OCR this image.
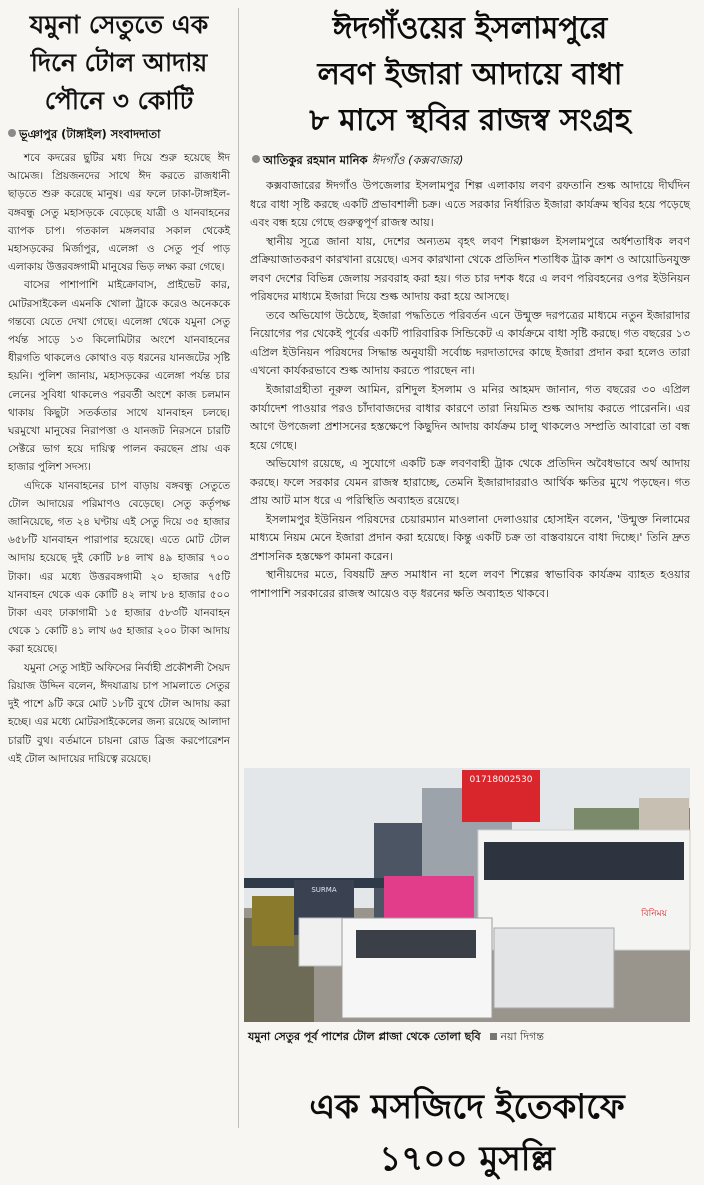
যমুনা সেতুতে এক
দিনে টোল আদায়
পৌনে ৩ কোটি
ভূঞাপুর (টাঙ্গাইল) সংবাদদাতা

শবে কদরের ছুটির মধ্য দিয়ে শুরু হয়েছে ঈদ আমেজ। প্রিয়জনদের সাথে ঈদ করতে রাজধানী ছাড়তে শুরু করেছে মানুষ। এর ফলে ঢাকা-টাঙ্গাইল-বঙ্গবন্ধু সেতু মহাসড়কে বেড়েছে যাত্রী ও যানবাহনের ব্যাপক চাপ। গতকাল মঙ্গলবার সকাল থেকেই মহাসড়কের মির্জাপুর, এলেঙ্গা ও সেতু পূর্ব পাড় এলাকায় উত্তরবঙ্গগামী মানুষের ভিড় লক্ষ্য করা গেছে।

বাসের পাশাপাশি মাইক্রোবাস, প্রাইভেট কার, মোটরসাইকেল এমনকি খোলা ট্রাকে করেও অনেককে গন্তব্যে যেতে দেখা গেছে। এলেঙ্গা থেকে যমুনা সেতু পর্যন্ত সাড়ে ১৩ কিলোমিটার অংশে যানবাহনের ধীরগতি থাকলেও কোথাও বড় ধরনের যানজটের সৃষ্টি হয়নি। পুলিশ জানায়, মহাসড়কের এলেঙ্গা পর্যন্ত চার লেনের সুবিধা থাকলেও পরবর্তী অংশে কাজ চলমান থাকায় কিছুটা সতর্কতার সাথে যানবাহন চলছে। ঘরমুখো মানুষের নিরাপত্তা ও যানজট নিরসনে চারটি সেক্টরে ভাগ হয়ে দায়িত্ব পালন করছেন প্রায় এক হাজার পুলিশ সদস্য।

এদিকে যানবাহনের চাপ বাড়ায় বঙ্গবন্ধু সেতুতে টোল আদায়ের পরিমাণও বেড়েছে। সেতু কর্তৃপক্ষ জানিয়েছে, গত ২৪ ঘণ্টায় এই সেতু দিয়ে ৩৫ হাজার ৬৫৮টি যানবাহন পারাপার হয়েছে। এতে মোট টোল আদায় হয়েছে দুই কোটি ৮৪ লাখ ৪৯ হাজার ৭০০ টাকা। এর মধ্যে উত্তরবঙ্গগামী ২০ হাজার ৭৫টি যানবাহন থেকে এক কোটি ৪২ লাখ ৮৪ হাজার ৫০০ টাকা এবং ঢাকাগামী ১৫ হাজার ৫৮৩টি যানবাহন থেকে ১ কোটি ৪১ লাখ ৬৫ হাজার ২০০ টাকা আদায় করা হয়েছে।

যমুনা সেতু সাইট অফিসের নির্বাহী প্রকৌশলী সৈয়দ রিয়াজ উদ্দিন বলেন, ঈদযাত্রায় চাপ সামলাতে সেতুর দুই পাশে ৯টি করে মোট ১৮টি বুথে টোল আদায় করা হচ্ছে। এর মধ্যে মোটরসাইকেলের জন্য রয়েছে আলাদা চারটি বুথ। বর্তমানে চায়না রোড ব্রিজ করপোরেশন এই টোল আদায়ের দায়িত্বে রয়েছে।

ঈদগাঁওয়ের ইসলামপুরে
লবণ ইজারা আদায়ে বাধা
৮ মাসে স্থবির রাজস্ব সংগ্রহ
আতিকুর রহমান মানিক ঈদগাঁও (কক্সবাজার)

কক্সবাজারের ঈদগাঁও উপজেলার ইসলামপুর শিল্প এলাকায় লবণ রফতানি শুল্ক আদায়ে দীর্ঘদিন ধরে বাধা সৃষ্টি করছে একটি প্রভাবশালী চক্র। এতে সরকার নির্ধারিত ইজারা কার্যক্রম স্থবির হয়ে পড়েছে এবং বন্ধ হয়ে গেছে গুরুত্বপূর্ণ রাজস্ব আয়।

স্থানীয় সূত্রে জানা যায়, দেশের অন্যতম বৃহৎ লবণ শিল্পাঞ্চল ইসলামপুরে অর্ধশতাধিক লবণ প্রক্রিয়াজাতকরণ কারখানা রয়েছে। এসব কারখানা থেকে প্রতিদিন শতাধিক ট্রাক ক্রাশ ও আয়োডিনযুক্ত লবণ দেশের বিভিন্ন জেলায় সরবরাহ করা হয়। গত চার দশক ধরে এ লবণ পরিবহনের ওপর ইউনিয়ন পরিষদের মাধ্যমে ইজারা দিয়ে শুল্ক আদায় করা হয়ে আসছে।

তবে অভিযোগ উঠেছে, ইজারা পদ্ধতিতে পরিবর্তন এনে উন্মুক্ত দরপত্রের মাধ্যমে নতুন ইজারাদার নিয়োগের পর থেকেই পূর্বের একটি পারিবারিক সিন্ডিকেট এ কার্যক্রমে বাধা সৃষ্টি করছে। গত বছরের ১৩ এপ্রিল ইউনিয়ন পরিষদের সিদ্ধান্ত অনুযায়ী সর্বোচ্চ দরদাতাদের কাছে ইজারা প্রদান করা হলেও তারা এখনো কার্যকরভাবে শুল্ক আদায় করতে পারছেন না।

ইজারাগ্রহীতা নূরুল আমিন, রশিদুল ইসলাম ও মনির আহমদ জানান, গত বছরের ৩০ এপ্রিল কার্যাদেশ পাওয়ার পরও চাঁদাবাজদের বাধার কারণে তারা নিয়মিত শুল্ক আদায় করতে পারেননি। এর আগে উপজেলা প্রশাসনের হস্তক্ষেপে কিছুদিন আদায় কার্যক্রম চালু থাকলেও সম্প্রতি আবারো তা বন্ধ হয়ে গেছে।

অভিযোগ রয়েছে, এ সুযোগে একটি চক্র লবণবাহী ট্রাক থেকে প্রতিদিন অবৈধভাবে অর্থ আদায় করছে। ফলে সরকার যেমন রাজস্ব হারাচ্ছে, তেমনি ইজারাদাররাও আর্থিক ক্ষতির মুখে পড়ছেন। গত প্রায় আট মাস ধরে এ পরিস্থিতি অব্যাহত রয়েছে।

ইসলামপুর ইউনিয়ন পরিষদের চেয়ারম্যান মাওলানা দেলাওয়ার হোসাইন বলেন, 'উন্মুক্ত নিলামের মাধ্যমে নিয়ম মেনে ইজারা প্রদান করা হয়েছে। কিন্তু একটি চক্র তা বাস্তবায়নে বাধা দিচ্ছে।' তিনি দ্রুত প্রশাসনিক হস্তক্ষেপ কামনা করেন।

স্থানীয়দের মতে, বিষয়টি দ্রুত সমাধান না হলে লবণ শিল্পের স্বাভাবিক কার্যক্রম ব্যাহত হওয়ার পাশাপাশি সরকারের রাজস্ব আয়েও বড় ধরনের ক্ষতি অব্যাহত থাকবে।

01718002530
SURMA
বিনিময়
যমুনা সেতুর পূর্ব পাশের টোল প্লাজা থেকে তোলা ছবি নয়া দিগন্ত
এক মসজিদে ইতেকাফে
১৭০০ মুসল্লি
